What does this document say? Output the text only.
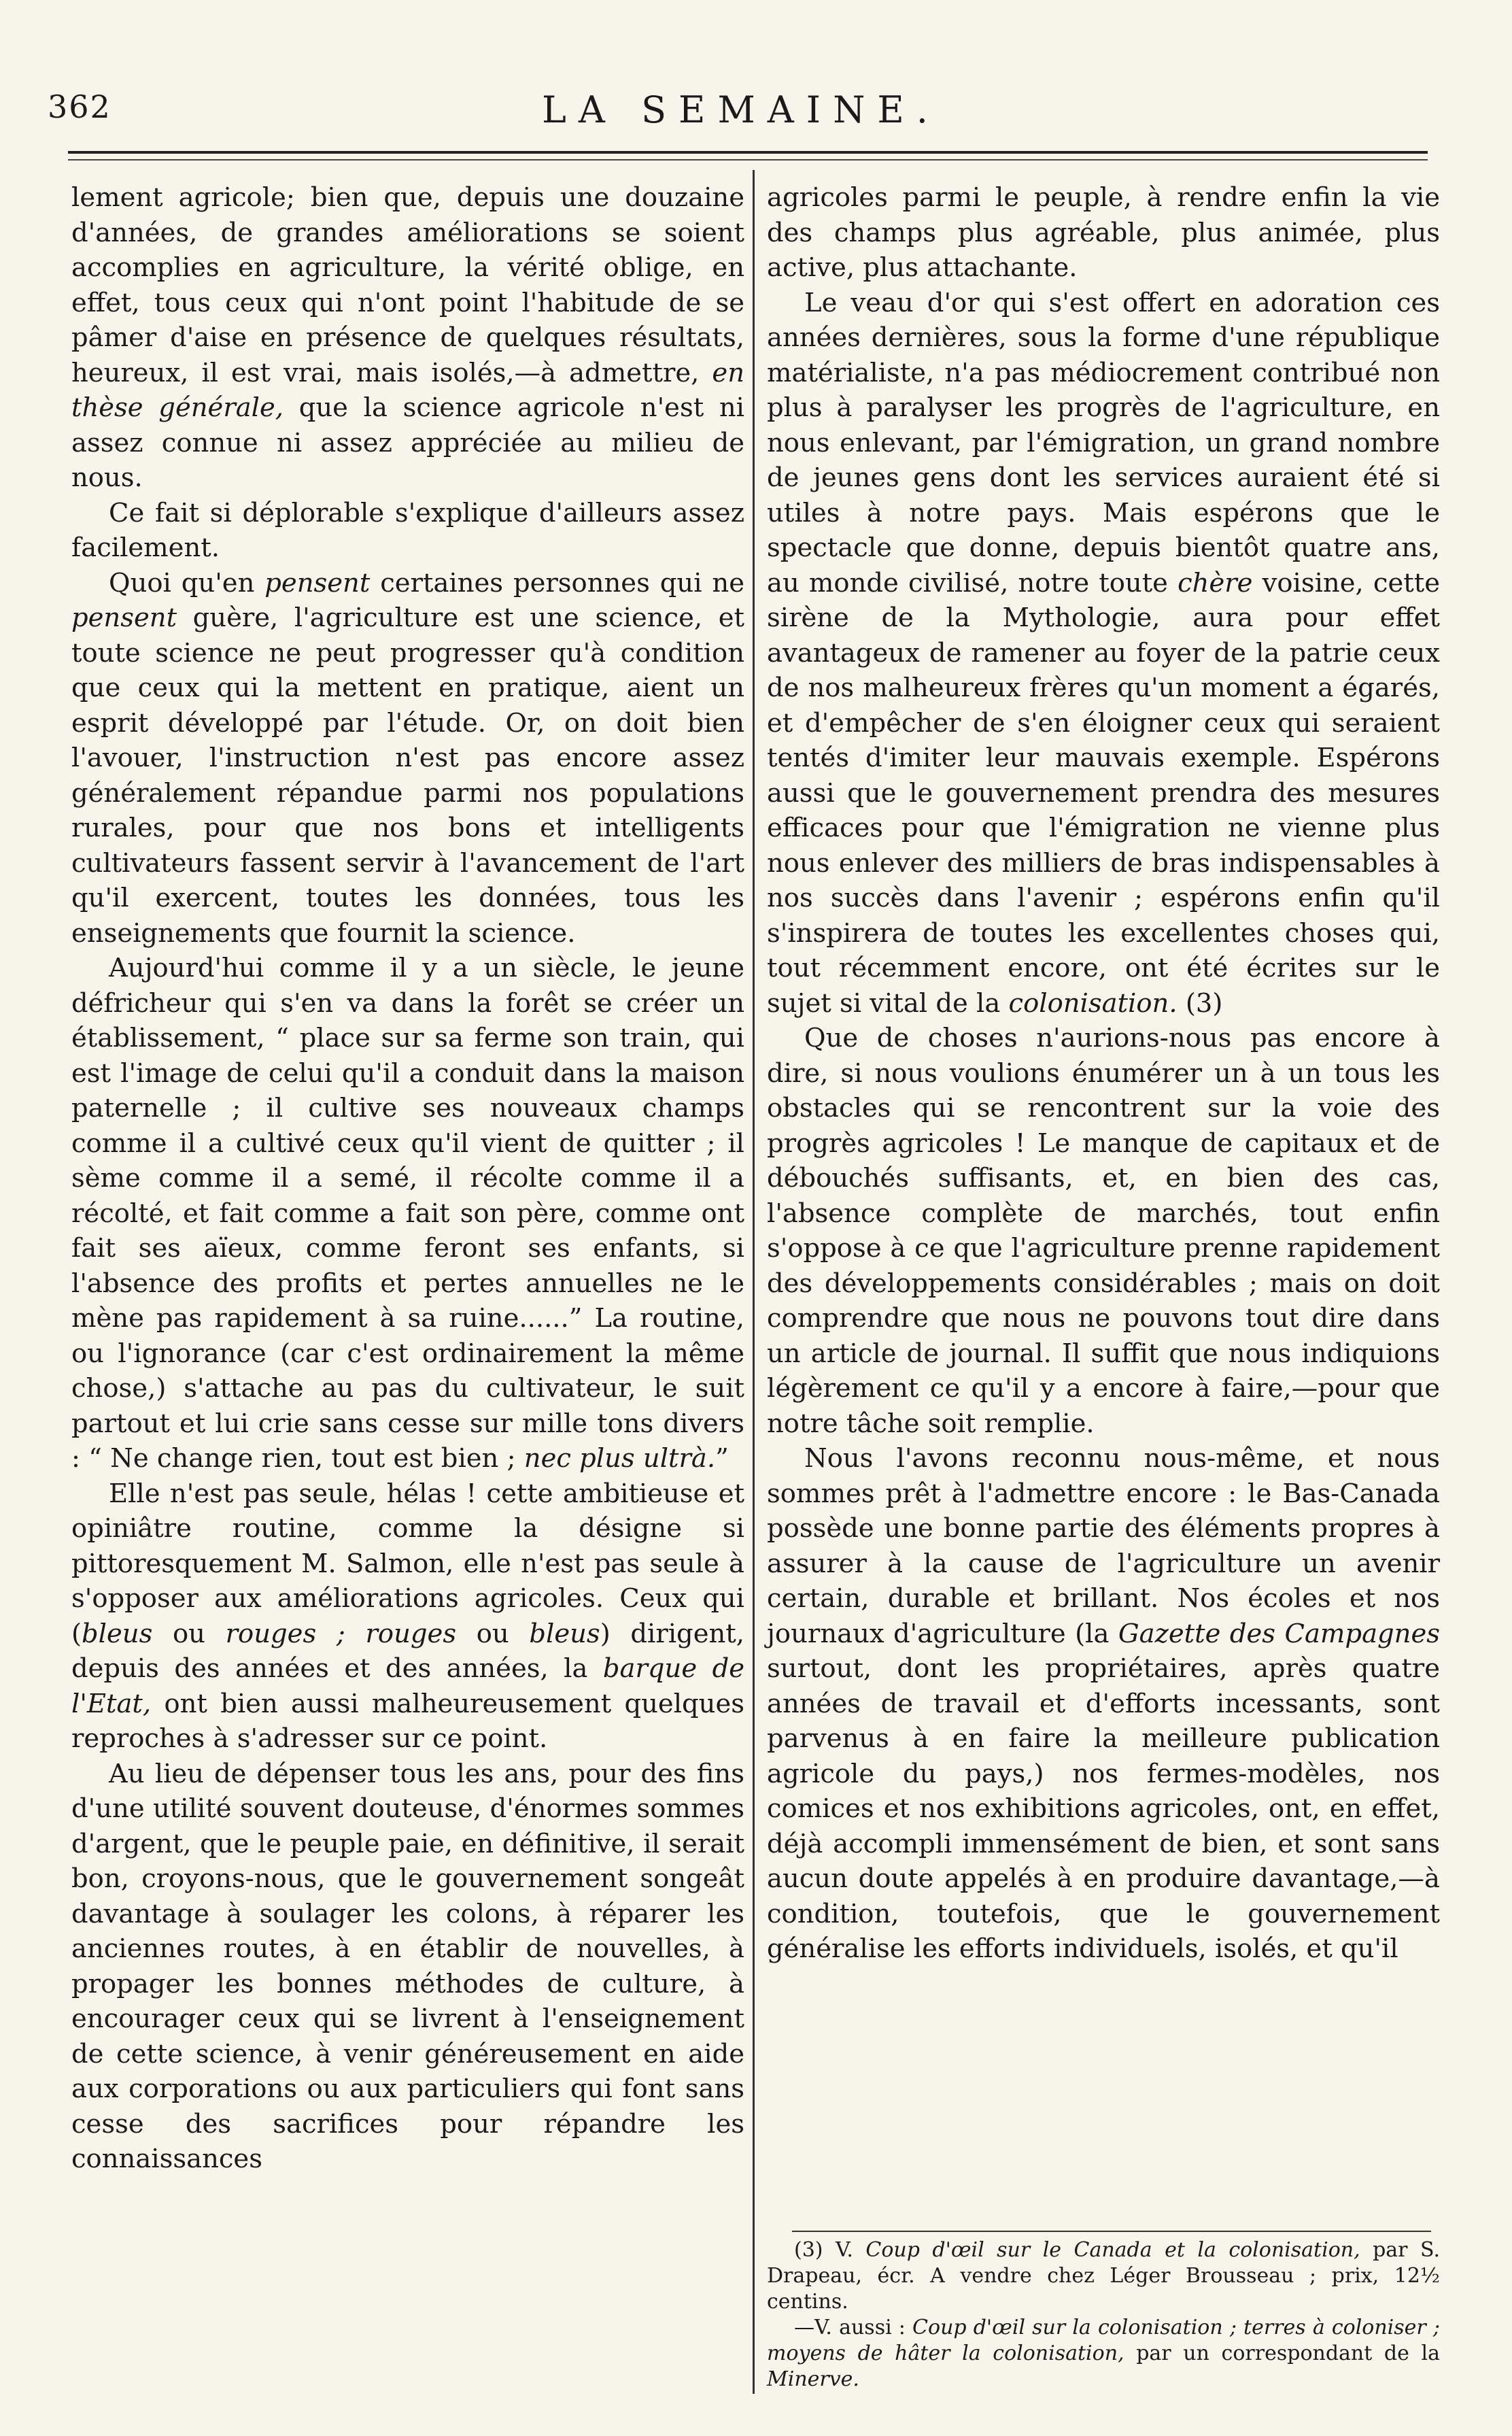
362	LA SEMAINE.

lement agricole; bien que, depuis une douzaine d'années, de grandes améliorations se soient accomplies en agriculture, la vérité oblige, en effet, tous ceux qui n'ont point l'habitude de se pâmer d'aise en présence de quelques résultats, heureux, il est vrai, mais isolés,—à admettre, en thèse générale, que la science agricole n'est ni assez connue ni assez appréciée au milieu de nous.

Ce fait si déplorable s'explique d'ailleurs assez facilement.

Quoi qu'en pensent certaines personnes qui ne pensent guère, l'agriculture est une science, et toute science ne peut progresser qu'à condition que ceux qui la mettent en pratique, aient un esprit développé par l'étude. Or, on doit bien l'avouer, l'instruction n'est pas encore assez généralement répandue parmi nos populations rurales, pour que nos bons et intelligents cultivateurs fassent servir à l'avancement de l'art qu'il exercent, toutes les données, tous les enseignements que fournit la science.

Aujourd'hui comme il y a un siècle, le jeune défricheur qui s'en va dans la forêt se créer un établissement, “ place sur sa ferme son train, qui est l'image de celui qu'il a conduit dans la maison paternelle ; il cultive ses nouveaux champs comme il a cultivé ceux qu'il vient de quitter ; il sème comme il a semé, il récolte comme il a récolté, et fait comme a fait son père, comme ont fait ses aïeux, comme feront ses enfants, si l'absence des profits et pertes annuelles ne le mène pas rapidement à sa ruine......” La routine, ou l'ignorance (car c'est ordinairement la même chose,) s'attache au pas du cultivateur, le suit partout et lui crie sans cesse sur mille tons divers : “ Ne change rien, tout est bien ; nec plus ultrà.”

Elle n'est pas seule, hélas ! cette ambitieuse et opiniâtre routine, comme la désigne si pittoresquement M. Salmon, elle n'est pas seule à s'opposer aux améliorations agricoles. Ceux qui (bleus ou rouges ; rouges ou bleus) dirigent, depuis des années et des années, la barque de l'Etat, ont bien aussi malheureusement quelques reproches à s'adresser sur ce point.

Au lieu de dépenser tous les ans, pour des fins d'une utilité souvent douteuse, d'énormes sommes d'argent, que le peuple paie, en définitive, il serait bon, croyons-nous, que le gouvernement songeât davantage à soulager les colons, à réparer les anciennes routes, à en établir de nouvelles, à propager les bonnes méthodes de culture, à encourager ceux qui se livrent à l'enseignement de cette science, à venir généreusement en aide aux corporations ou aux particuliers qui font sans cesse des sacrifices pour répandre les connaissances

agricoles parmi le peuple, à rendre enfin la vie des champs plus agréable, plus animée, plus active, plus attachante.

Le veau d'or qui s'est offert en adoration ces années dernières, sous la forme d'une république matérialiste, n'a pas médiocrement contribué non plus à paralyser les progrès de l'agriculture, en nous enlevant, par l'émigration, un grand nombre de jeunes gens dont les services auraient été si utiles à notre pays. Mais espérons que le spectacle que donne, depuis bientôt quatre ans, au monde civilisé, notre toute chère voisine, cette sirène de la Mythologie, aura pour effet avantageux de ramener au foyer de la patrie ceux de nos malheureux frères qu'un moment a égarés, et d'empêcher de s'en éloigner ceux qui seraient tentés d'imiter leur mauvais exemple. Espérons aussi que le gouvernement prendra des mesures efficaces pour que l'émigration ne vienne plus nous enlever des milliers de bras indispensables à nos succès dans l'avenir ; espérons enfin qu'il s'inspirera de toutes les excellentes choses qui, tout récemment encore, ont été écrites sur le sujet si vital de la colonisation. (3)

Que de choses n'aurions-nous pas encore à dire, si nous voulions énumérer un à un tous les obstacles qui se rencontrent sur la voie des progrès agricoles ! Le manque de capitaux et de débouchés suffisants, et, en bien des cas, l'absence complète de marchés, tout enfin s'oppose à ce que l'agriculture prenne rapidement des développements considérables ; mais on doit comprendre que nous ne pouvons tout dire dans un article de journal. Il suffit que nous indiquions légèrement ce qu'il y a encore à faire,—pour que notre tâche soit remplie.

Nous l'avons reconnu nous-même, et nous sommes prêt à l'admettre encore : le Bas-Canada possède une bonne partie des éléments propres à assurer à la cause de l'agriculture un avenir certain, durable et brillant. Nos écoles et nos journaux d'agriculture (la Gazette des Campagnes surtout, dont les propriétaires, après quatre années de travail et d'efforts incessants, sont parvenus à en faire la meilleure publication agricole du pays,) nos fermes-modèles, nos comices et nos exhibitions agricoles, ont, en effet, déjà accompli immensément de bien, et sont sans aucun doute appelés à en produire davantage,—à condition, toutefois, que le gouvernement généralise les efforts individuels, isolés, et qu'il

(3) V. Coup d'œil sur le Canada et la colonisation, par S. Drapeau, écr. A vendre chez Léger Brousseau ; prix, 12½ centins.

—V. aussi : Coup d'œil sur la colonisation ; terres à coloniser ; moyens de hâter la colonisation, par un correspondant de la Minerve.
